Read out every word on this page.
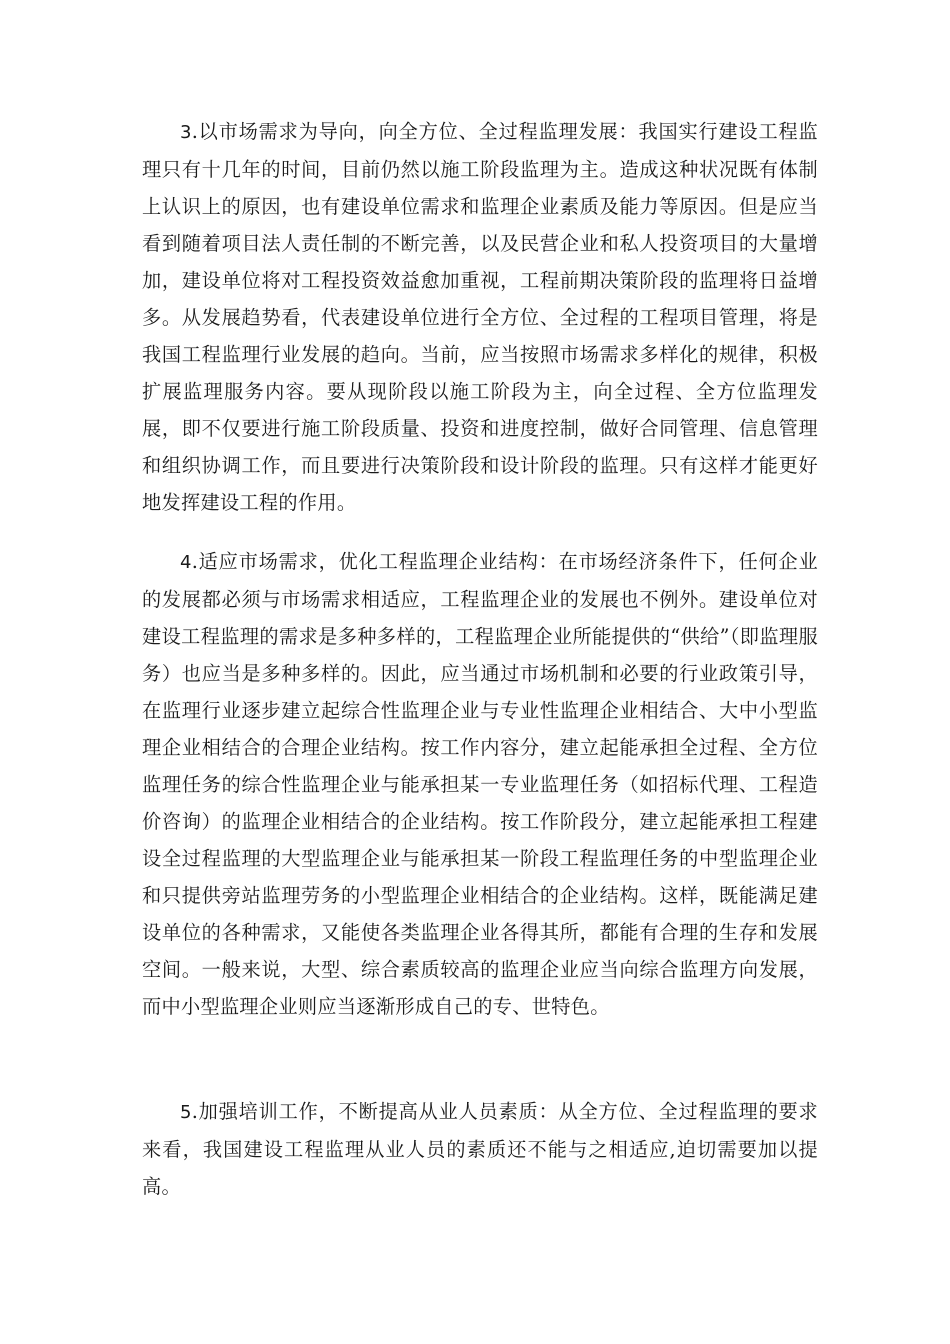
3.以市场需求为导向，向全方位、全过程监理发展：我国实行建设工程监理只有十几年的时间，目前仍然以施工阶段监理为主。造成这种状况既有体制上认识上的原因，也有建设单位需求和监理企业素质及能力等原因。但是应当看到随着项目法人责任制的不断完善，以及民营企业和私人投资项目的大量增加，建设单位将对工程投资效益愈加重视，工程前期决策阶段的监理将日益增多。从发展趋势看，代表建设单位进行全方位、全过程的工程项目管理，将是我国工程监理行业发展的趋向。当前，应当按照市场需求多样化的规律，积极扩展监理服务内容。要从现阶段以施工阶段为主，向全过程、全方位监理发展，即不仅要进行施工阶段质量、投资和进度控制，做好合同管理、信息管理和组织协调工作，而且要进行决策阶段和设计阶段的监理。只有这样才能更好地发挥建设工程的作用。

4.适应市场需求，优化工程监理企业结构：在市场经济条件下，任何企业的发展都必须与市场需求相适应，工程监理企业的发展也不例外。建设单位对建设工程监理的需求是多种多样的，工程监理企业所能提供的“供给”（即监理服务）也应当是多种多样的。因此，应当通过市场机制和必要的行业政策引导，在监理行业逐步建立起综合性监理企业与专业性监理企业相结合、大中小型监理企业相结合的合理企业结构。按工作内容分，建立起能承担全过程、全方位监理任务的综合性监理企业与能承担某一专业监理任务（如招标代理、工程造价咨询）的监理企业相结合的企业结构。按工作阶段分，建立起能承担工程建设全过程监理的大型监理企业与能承担某一阶段工程监理任务的中型监理企业和只提供旁站监理劳务的小型监理企业相结合的企业结构。这样，既能满足建设单位的各种需求，又能使各类监理企业各得其所，都能有合理的生存和发展空间。一般来说，大型、综合素质较高的监理企业应当向综合监理方向发展，而中小型监理企业则应当逐渐形成自己的专、世特色。

5.加强培训工作，不断提高从业人员素质：从全方位、全过程监理的要求来看，我国建设工程监理从业人员的素质还不能与之相适应,迫切需要加以提高。
